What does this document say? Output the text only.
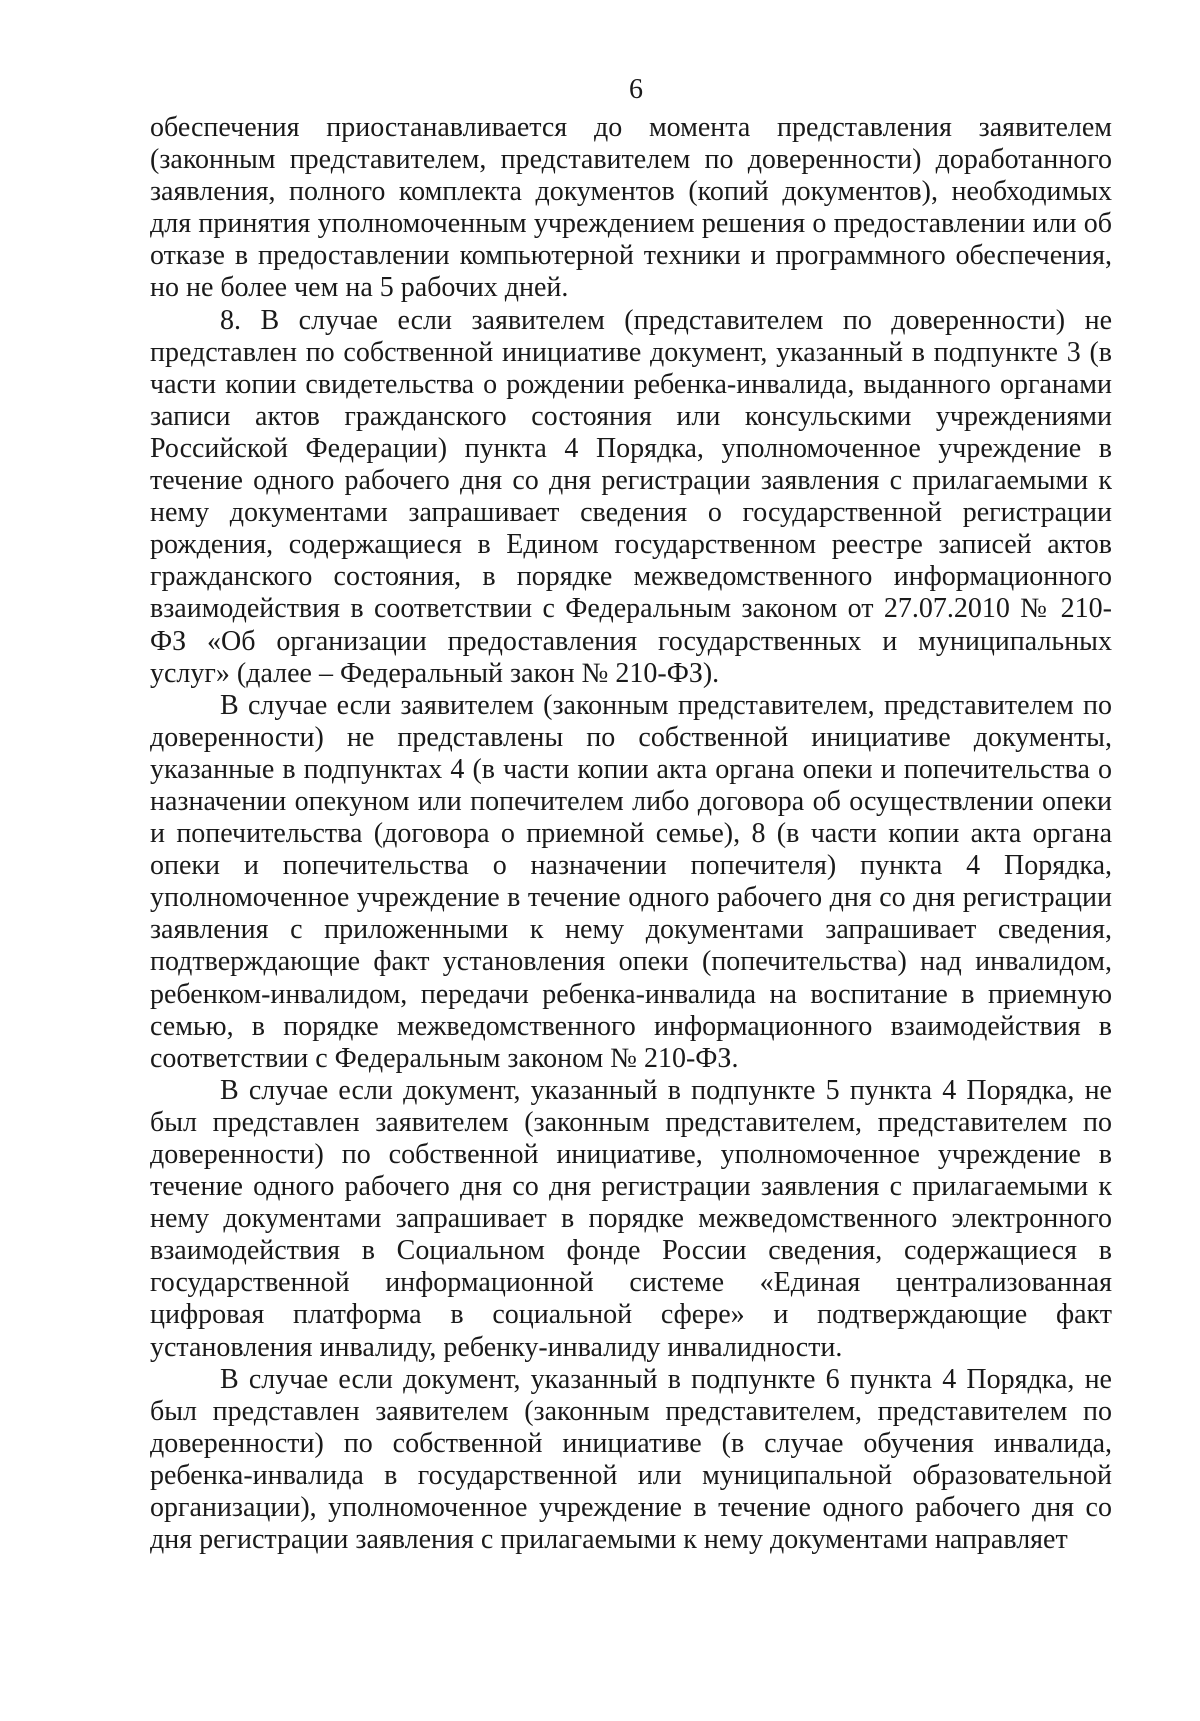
6

обеспечения приостанавливается до момента представления заявителем (законным представителем, представителем по доверенности) доработанного заявления, полного комплекта документов (копий документов), необходимых для принятия уполномоченным учреждением решения о предоставлении или об отказе в предоставлении компьютерной техники и программного обеспечения, но не более чем на 5 рабочих дней.

8. В случае если заявителем (представителем по доверенности) не представлен по собственной инициативе документ, указанный в подпункте 3 (в части копии свидетельства о рождении ребенка-инвалида, выданного органами записи актов гражданского состояния или консульскими учреждениями Российской Федерации) пункта 4 Порядка, уполномоченное учреждение в течение одного рабочего дня со дня регистрации заявления с прилагаемыми к нему документами запрашивает сведения о государственной регистрации рождения, содержащиеся в Едином государственном реестре записей актов гражданского состояния, в порядке межведомственного информационного взаимодействия в соответствии с Федеральным законом от 27.07.2010 № 210-ФЗ «Об организации предоставления государственных и муниципальных услуг» (далее – Федеральный закон № 210-ФЗ).

В случае если заявителем (законным представителем, представителем по доверенности) не представлены по собственной инициативе документы, указанные в подпунктах 4 (в части копии акта органа опеки и попечительства о назначении опекуном или попечителем либо договора об осуществлении опеки и попечительства (договора о приемной семье), 8 (в части копии акта органа опеки и попечительства о назначении попечителя) пункта 4 Порядка, уполномоченное учреждение в течение одного рабочего дня со дня регистрации заявления с приложенными к нему документами запрашивает сведения, подтверждающие факт установления опеки (попечительства) над инвалидом, ребенком-инвалидом, передачи ребенка-инвалида на воспитание в приемную семью, в порядке межведомственного информационного взаимодействия в соответствии с Федеральным законом № 210-ФЗ.

В случае если документ, указанный в подпункте 5 пункта 4 Порядка, не был представлен заявителем (законным представителем, представителем по доверенности) по собственной инициативе, уполномоченное учреждение в течение одного рабочего дня со дня регистрации заявления с прилагаемыми к нему документами запрашивает в порядке межведомственного электронного взаимодействия в Социальном фонде России сведения, содержащиеся в государственной информационной системе «Единая централизованная цифровая платформа в социальной сфере» и подтверждающие факт установления инвалиду, ребенку-инвалиду инвалидности.

В случае если документ, указанный в подпункте 6 пункта 4 Порядка, не был представлен заявителем (законным представителем, представителем по доверенности) по собственной инициативе (в случае обучения инвалида, ребенка-инвалида в государственной или муниципальной образовательной организации), уполномоченное учреждение в течение одного рабочего дня со дня регистрации заявления с прилагаемыми к нему документами направляет
